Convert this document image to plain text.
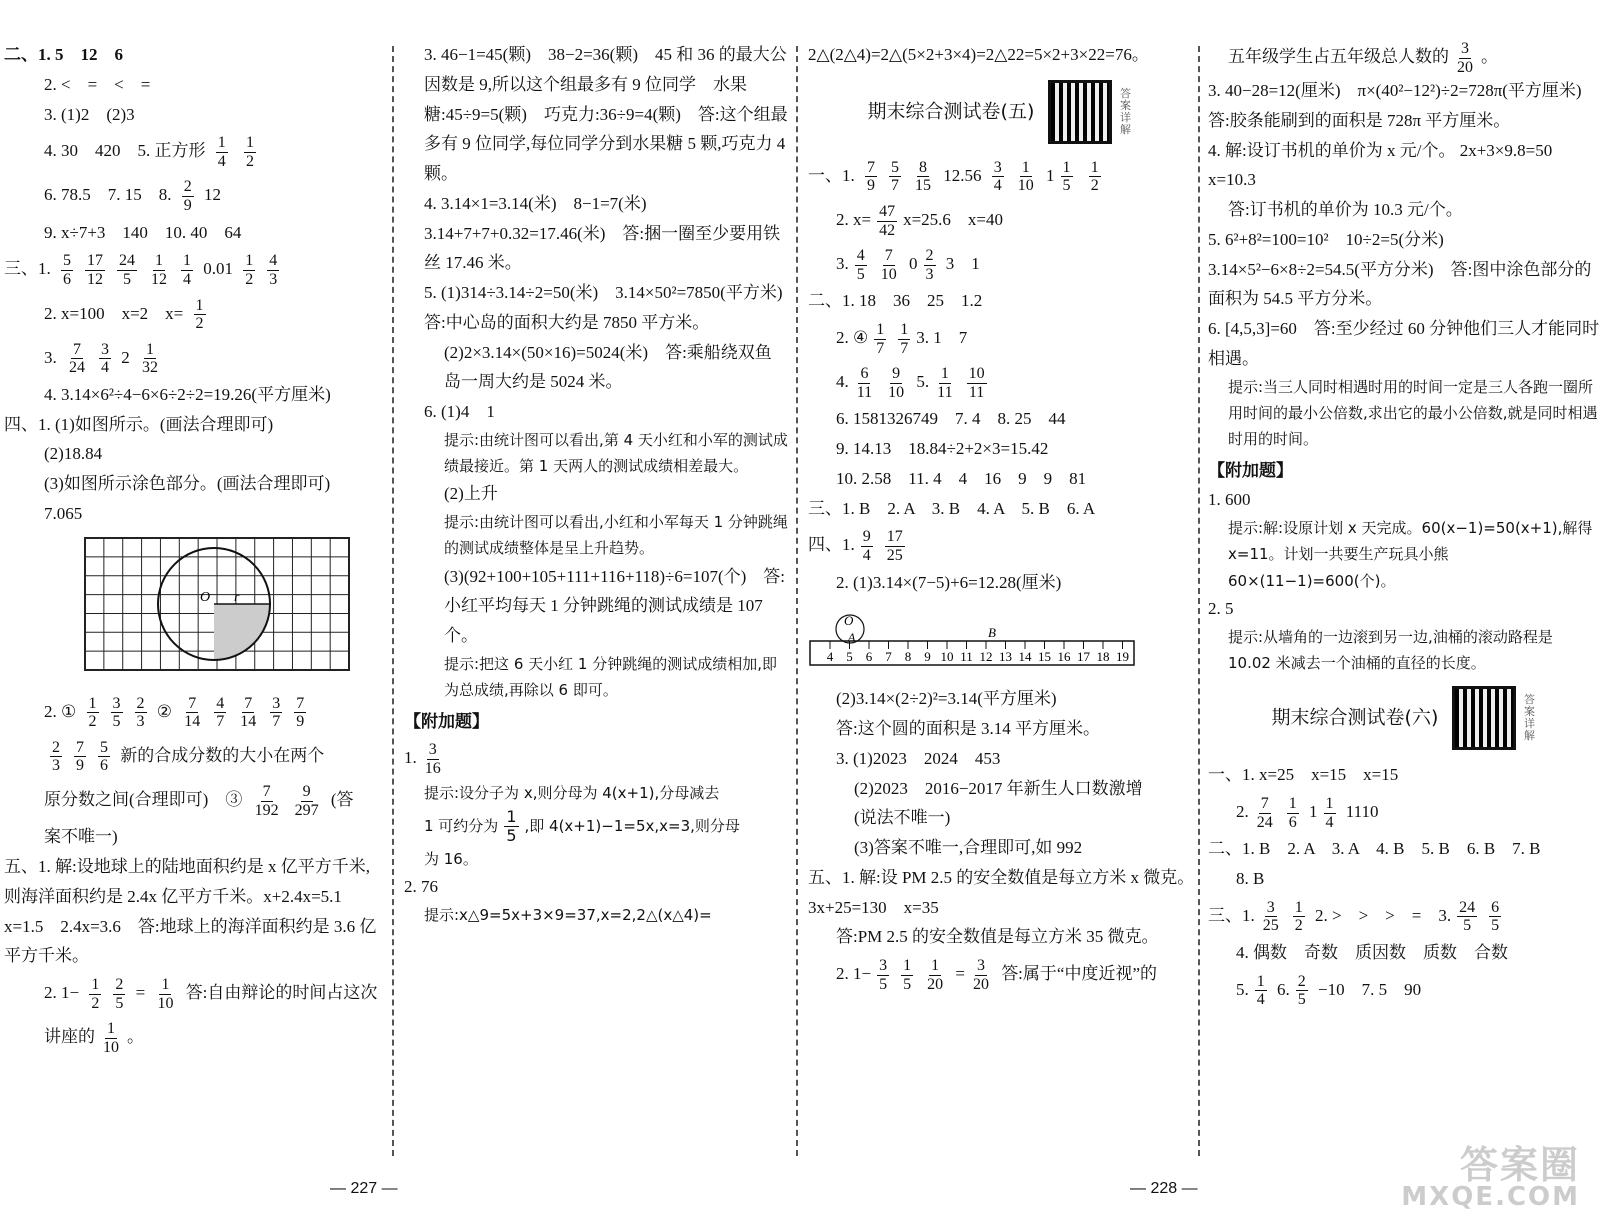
二、1. 5　12　6
2. <　=　<　=
3. (1)2　(2)3
4. 30　420　5. 正方形 $\frac{1}{4}$
$\frac{1}{2}$
6. 78.5　7. 15　8. $\frac{2}{9} 12$
9. x÷7+3　140　10. 40　64
三、1. $\frac{5}{6} \frac{17}{12} \frac{24}{5} \frac{1}{12} \frac{1}{4} 0.01 \frac{1}{2} \frac{4}{3}$
2. x=100　x=2　$x= \frac{1}{2}$
3. $\frac{7}{24} \frac{3}{4} 2 \frac{1}{32}$
4. 3.14×6²÷4−6×6÷2÷2=19.26(平方厘米)
四、1. (1)如图所示。(画法合理即可)
(2)18.84
(3)如图所示涂色部分。(画法合理即可)
7.065
O r
2. ① $\frac{1}{2} \frac{3}{5} \frac{2}{3}$ ② $\frac{7}{14} \frac{4}{7} \frac{7}{14} \frac{3}{7} \frac{7}{9}$
$\frac{2}{3} \frac{7}{9} \frac{5}{6}$ 新的合成分数的大小在两个
原分数之间(合理即可)　③ $\frac{7}{192} \frac{9}{297}$ (答
案不唯一)
五、1. 解:设地球上的陆地面积约是 x 亿平方千米,则海洋面积约是 2.4x 亿平方千米。x+2.4x=5.1　x=1.5　2.4x=3.6　答:地球上的海洋面积约是 3.6 亿平方千米。
2. $1- \frac{1}{2} \frac{2}{5} = \frac{1}{10}$ 答:自由辩论的时间占这次
讲座的 $\frac{1}{10}$ 。
3. 46−1=45(颗)　38−2=36(颗)　45 和 36 的最大公因数是 9,所以这个组最多有 9 位同学　水果糖:45÷9=5(颗)　巧克力:36÷9=4(颗)　答:这个组最多有 9 位同学,每位同学分到水果糖 5 颗,巧克力 4 颗。
4. 3.14×1=3.14(米)　8−1=7(米)　3.14+7+7+0.32=17.46(米)　答:捆一圈至少要用铁丝 17.46 米。
5. (1)314÷3.14÷2=50(米)　3.14×50²=7850(平方米)　答:中心岛的面积大约是 7850 平方米。
(2)2×3.14×(50×16)=5024(米)　答:乘船绕双鱼岛一周大约是 5024 米。
6. (1)4　1
提示:由统计图可以看出,第 4 天小红和小军的测试成绩最接近。第 1 天两人的测试成绩相差最大。
(2)上升
提示:由统计图可以看出,小红和小军每天 1 分钟跳绳的测试成绩整体是呈上升趋势。
(3)(92+100+105+111+116+118)÷6=107(个)　答:小红平均每天 1 分钟跳绳的测试成绩是 107 个。
提示:把这 6 天小红 1 分钟跳绳的测试成绩相加,即为总成绩,再除以 6 即可。
【附加题】
1. $\frac{3}{16}$
提示:设分子为 x,则分母为 4(x+1),分母减去
1 可约分为 $\frac{1}{5}$ ,即 4(x+1)−1=5x,x=3,则分母
为 16。
2. 76
提示:x△9=5x+3×9=37,x=2,2△(x△4)=
2△(2△4)=2△(5×2+3×4)=2△22=5×2+3×22=76。
期末综合测试卷(五)  答案详解
一、1. $\frac{7}{9} \frac{5}{7} \frac{8}{15} 12.56 \frac{3}{4} \frac{1}{10} 1 \frac{1}{5}$
$\frac{1}{2}$
2. $x= \frac{47}{42} x=25.6$　x=40
3. $\frac{4}{5} \frac{7}{10} 0 \frac{2}{3} 3$　1
二、1. 18　36　25　1.2
2. ④ $\frac{1}{7} \frac{1}{7} 3$. 1　7
4. $\frac{6}{11} \frac{9}{10} 5$. $\frac{1}{11} \frac{10}{11}$
6. 1581326749　7. 4　8. 25　44
9. 14.13　18.84÷2+2×3=15.42
10. 2.58　11. 4　4　16　9　9　81
三、1. B　2. A　3. B　4. A　5. B　6. A
四、1. $\frac{9}{4} \frac{17}{25}$
2. (1)3.14×(7−5)+6=12.28(厘米)
O
A	B
4 5 6 7 8 9 10 11 12 13 14 15 16 17 18 19
(2)3.14×(2÷2)²=3.14(平方厘米)
答:这个圆的面积是 3.14 平方厘米。
3. (1)2023　2024　453
(2)2023　2016−2017 年新生人口数激增
(说法不唯一)
(3)答案不唯一,合理即可,如 992
五、1. 解:设 PM 2.5 的安全数值是每立方米 x 微克。　3x+25=130　x=35
答:PM 2.5 的安全数值是每立方米 35 微克。
2. $1- \frac{3}{5} \frac{1}{5} \frac{1}{20} = \frac{3}{20}$ 答:属于“中度近视”的
五年级学生占五年级总人数的 $\frac{3}{20}$ 。
3. 40−28=12(厘米)　π×(40²−12²)÷2=728π(平方厘米)　答:胶条能刷到的面积是 728π 平方厘米。
4. 解:设订书机的单价为 x 元/个。 2x+3×9.8=50　x=10.3
答:订书机的单价为 10.3 元/个。
5. 6²+8²=100=10²　10÷2=5(分米)　3.14×5²−6×8÷2=54.5(平方分米)　答:图中涂色部分的面积为 54.5 平方分米。
6. [4,5,3]=60　答:至少经过 60 分钟他们三人才能同时相遇。
提示:当三人同时相遇时用的时间一定是三人各跑一圈所用时间的最小公倍数,求出它的最小公倍数,就是同时相遇时用的时间。
【附加题】
1. 600
提示:解:设原计划 x 天完成。60(x−1)=50(x+1),解得 x=11。计划一共要生产玩具小熊 60×(11−1)=600(个)。
2. 5
提示:从墙角的一边滚到另一边,油桶的滚动路程是 10.02 米减去一个油桶的直径的长度。
期末综合测试卷(六)  答案详解
一、1. x=25　x=15　x=15
2. $\frac{7}{24} \frac{1}{6} 1 \frac{1}{4} 1110$
二、1. B　2. A　3. A　4. B　5. B　6. B　7. B
8. B
三、1. $\frac{3}{25} \frac{1}{2} 2$. >　>　>　=　3. $\frac{24}{5} \frac{6}{5}$
4. 偶数　奇数　质因数　质数　合数
5. $\frac{1}{4} 6$. $\frac{2}{5} -10$　7. 5　90
— 227 —	— 228 —
答案圈
MXQE.COM
